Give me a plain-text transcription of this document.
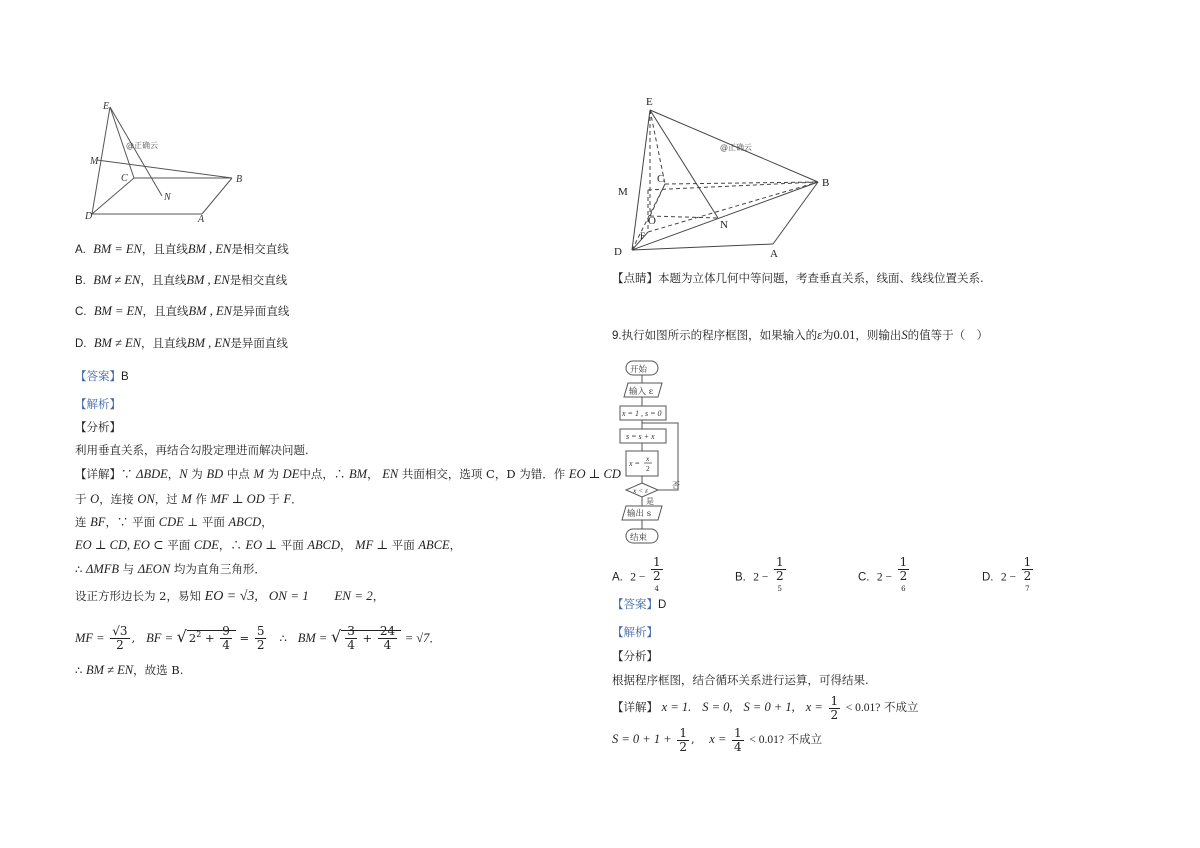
E
M
C
D	A
B
N
@正确云
A. BM = EN，且直线BM , EN是相交直线
B. BM ≠ EN，且直线BM , EN是相交直线
C. BM = EN，且直线BM , EN是异面直线
D. BM ≠ EN，且直线BM , EN是异面直线
【答案】B
【解析】
【分析】
利用垂直关系，再结合勾股定理进而解决问题.
【详解】∵ ΔBDE，N 为 BD 中点 M 为 DE中点，∴ BM， EN 共面相交，选项 C，D 为错．作 EO ⊥ CD
于 O，连接 ON，过 M 作 MF ⊥ OD 于 F．
连 BF，∵ 平面 CDE ⊥ 平面 ABCD，
EO ⊥ CD, EO ⊂ 平面 CDE，∴ EO ⊥ 平面 ABCD， MF ⊥ 平面 ABCE，
∴ ΔMFB 与 ΔEON 均为直角三角形．
设正方形边长为 2，易知 EO = √3, ON = 1 EN = 2，
MF = $\frac{√3}{2}$ ,   BF = √ $2^2 + \frac{9}{4} = \frac{5}{2}$ ∴ BM = √ $\frac{3}{4} + \frac{24}{4} = √7$．
∴ BM ≠ EN，故选 B.
E
M
C
O
F
D	A
B
N
@正确云
【点睛】本题为立体几何中等问题，考查垂直关系，线面、线线位置关系.
9.执行如图所示的程序框图，如果输入的ε为0.01，则输出S的值等于（　）
开始
输入 ε
x = 1 , s = 0
s = s + x
x =
x
2
x < ε
是
否
输出 s
结束
A. 2 − 1
2
$^4$	B. 2 − 1
2
$^5$	C. 2 − 1
2
$^6$	D. 2 − 1
2
$^7$
【答案】D
【解析】
【分析】
根据程序框图，结合循环关系进行运算，可得结果.
【详解】 x = 1. S = 0, S = 0 + 1, $x = \frac{1}{2} < 0.01$? 不成立
$S = 0 + 1 + \frac{1}{2}$ , $x = \frac{1}{4} < 0.01$? 不成立
